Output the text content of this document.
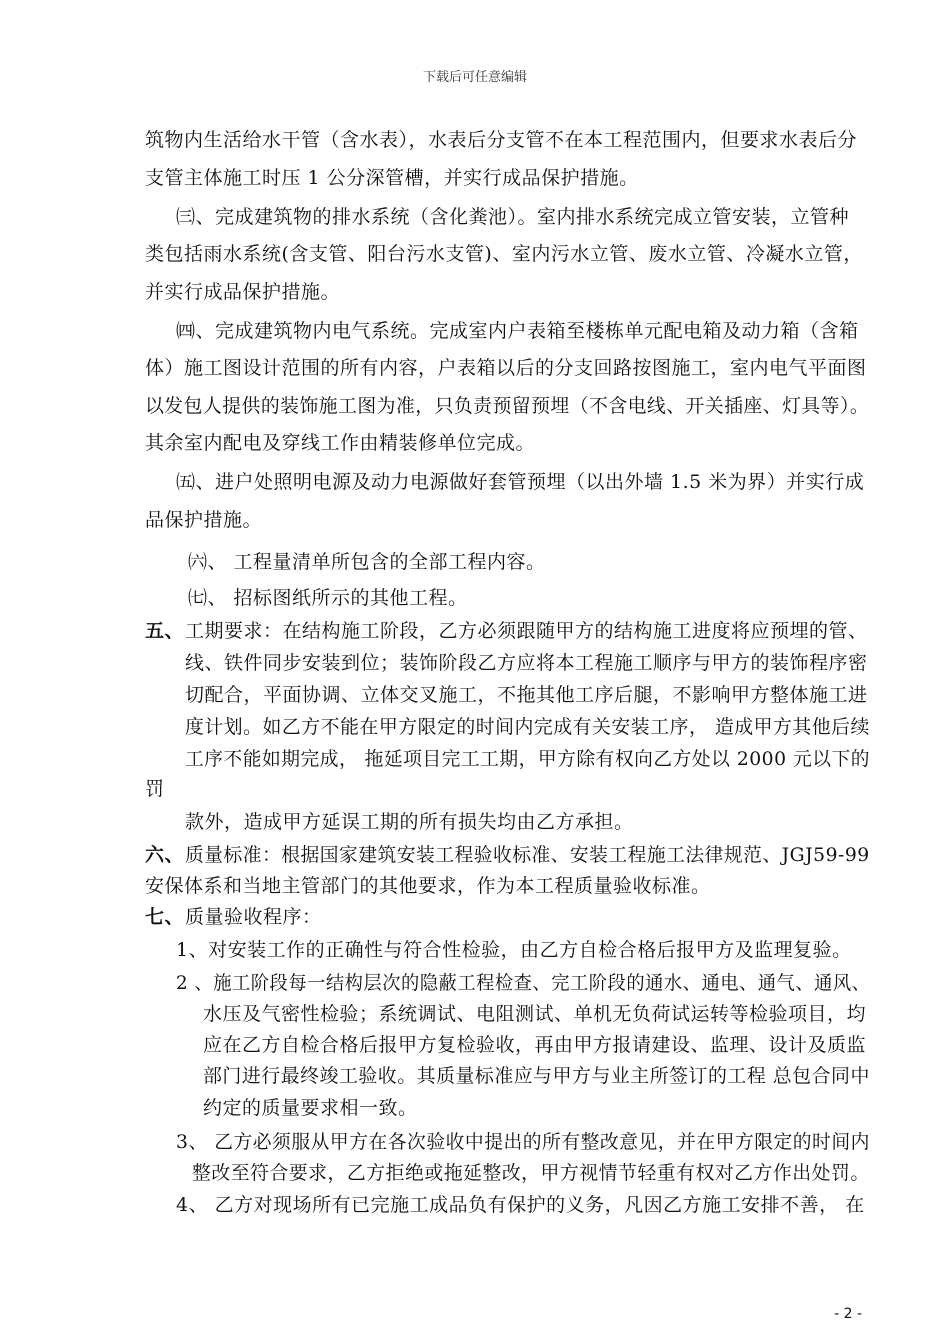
下载后可任意编辑
筑物内生活给水干管（含水表），水表后分支管不在本工程范围内，但要求水表后分
支管主体施工时压 1 公分深管槽，并实行成品保护措施。
㈢、完成建筑物的排水系统（含化粪池）。室内排水系统完成立管安装，立管种
类包括雨水系统(含支管、阳台污水支管)、室内污水立管、废水立管、冷凝水立管，
并实行成品保护措施。
㈣、完成建筑物内电气系统。完成室内户表箱至楼栋单元配电箱及动力箱（含箱
体）施工图设计范围的所有内容，户表箱以后的分支回路按图施工，室内电气平面图
以发包人提供的装饰施工图为准，只负责预留预埋（不含电线、开关插座、灯具等）。
其余室内配电及穿线工作由精装修单位完成。
㈤、进户处照明电源及动力电源做好套管预埋（以出外墙 1.5 米为界）并实行成
品保护措施。
㈥、 工程量清单所包含的全部工程内容。
㈦、 招标图纸所示的其他工程。
五、 工期要求：在结构施工阶段，乙方必须跟随甲方的结构施工进度将应预埋的管、
线、铁件同步安装到位；装饰阶段乙方应将本工程施工顺序与甲方的装饰程序密
切配合，平面协调、立体交叉施工，不拖其他工序后腿，不影响甲方整体施工进
度计划。如乙方不能在甲方限定的时间内完成有关安装工序， 造成甲方其他后续
工序不能如期完成， 拖延项目完工工期，甲方除有权向乙方处以 2000 元以下的
罚
款外，造成甲方延误工期的所有损失均由乙方承担。
六、 质量标准：根据国家建筑安装工程验收标准、安装工程施工法律规范、JGJ59-99
安保体系和当地主管部门的其他要求，作为本工程质量验收标准。
七、 质量验收程序：
1、对安装工作的正确性与符合性检验，由乙方自检合格后报甲方及监理复验。
2 、施工阶段每一结构层次的隐蔽工程检查、完工阶段的通水、通电、通气、通风、
水压及气密性检验；系统调试、电阻测试、单机无负荷试运转等检验项目，均
应在乙方自检合格后报甲方复检验收，再由甲方报请建设、监理、设计及质监
部门进行最终竣工验收。其质量标准应与甲方与业主所签订的工程 总包合同中
约定的质量要求相一致。
3、 乙方必须服从甲方在各次验收中提出的所有整改意见，并在甲方限定的时间内
整改至符合要求，乙方拒绝或拖延整改，甲方视情节轻重有权对乙方作出处罚。
4、 乙方对现场所有已完施工成品负有保护的义务，凡因乙方施工安排不善， 在
- 2 -
